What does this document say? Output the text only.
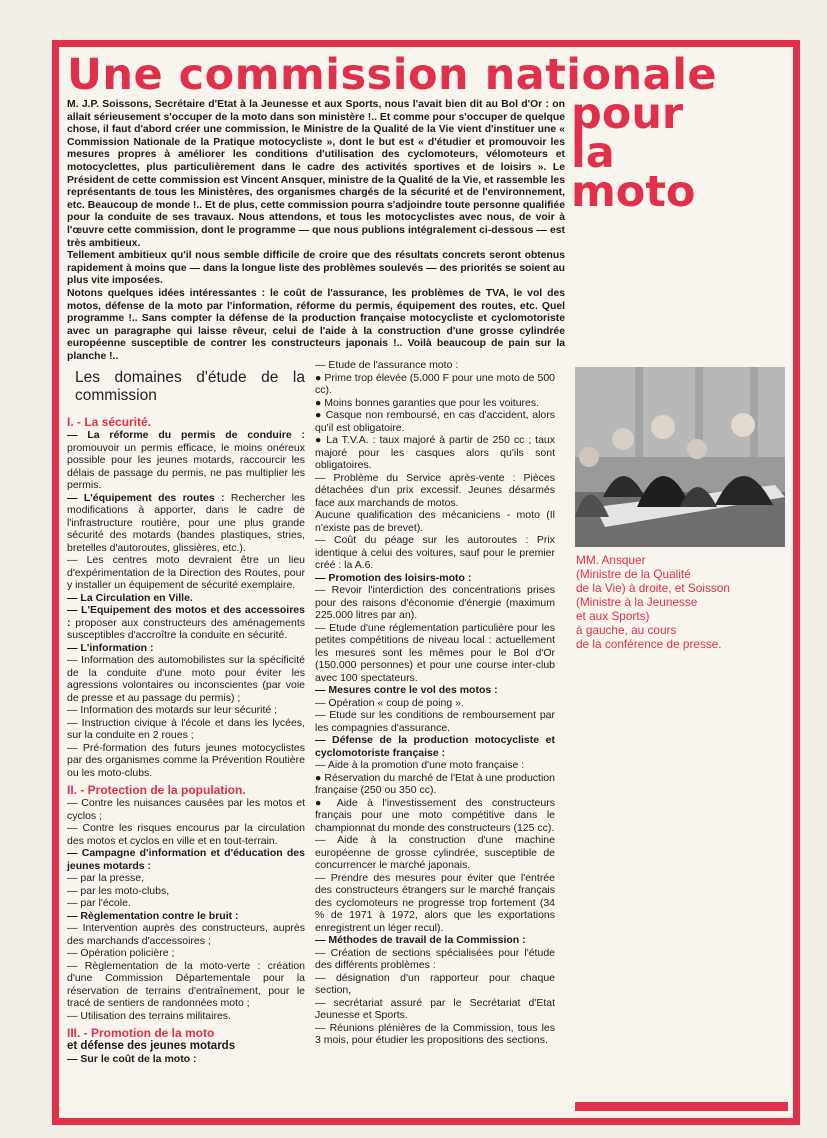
Une commission nationale
pour
la
moto

M. J.P. Soissons, Secrétaire d'Etat à la Jeunesse et aux Sports, nous l'avait bien dit au Bol d'Or : on allait sérieusement s'occuper de la moto dans son ministère !.. Et comme pour s'occuper de quelque chose, il faut d'abord créer une commission, le Ministre de la Qualité de la Vie vient d'instituer une « Commission Nationale de la Pratique motocycliste », dont le but est « d'étudier et promouvoir les mesures propres à améliorer les conditions d'utilisation des cyclomoteurs, vélomoteurs et motocyclettes, plus particulièrement dans le cadre des activités sportives et de loisirs ». Le Président de cette commission est Vincent Ansquer, ministre de la Qualité de la Vie, et rassemble les représentants de tous les Ministères, des organismes chargés de la sécurité et de l'environnement, etc. Beaucoup de monde !.. Et de plus, cette commission pourra s'adjoindre toute personne qualifiée pour la conduite de ses travaux. Nous attendons, et tous les motocyclistes avec nous, de voir à l'œuvre cette commission, dont le programme — que nous publions intégralement ci-dessous — est très ambitieux.

Tellement ambitieux qu'il nous semble difficile de croire que des résultats concrets seront obtenus rapidement à moins que — dans la longue liste des problèmes soulevés — des priorités se soient au plus vite imposées.

Notons quelques idées intéressantes : le coût de l'assurance, les problèmes de TVA, le vol des motos, défense de la moto par l'information, réforme du permis, équipement des routes, etc. Quel programme !.. Sans compter la défense de la production française motocycliste et cyclomotoriste avec un paragraphe qui laisse rêveur, celui de l'aide à la construction d'une grosse cylindrée européenne susceptible de contrer les constructeurs japonais !.. Voilà beaucoup de pain sur la planche !..

Les domaines d'étude de la commission
I. - La sécurité.
— La réforme du permis de conduire : promouvoir un permis efficace, le moins onéreux possible pour les jeunes motards, raccourcir les délais de passage du permis, ne pas multiplier les permis.
— L'équipement des routes : Rechercher les modifications à apporter, dans le cadre de l'infrastructure routière, pour une plus grande sécurité des motards (bandes plastiques, stries, bretelles d'autoroutes, glissières, etc.).
— Les centres moto devraient être un lieu d'expérimentation de la Direction des Routes, pour y installer un équipement de sécurité exemplaire.
— La Circulation en Ville.
— L'Equipement des motos et des accessoires : proposer aux constructeurs des aménagements susceptibles d'accroître la conduite en sécurité.
— L'information :
— Information des automobilistes sur la spécificité de la conduite d'une moto pour éviter les agressions volontaires ou inconscientes (par voie de presse et au passage du permis) ;
— Information des motards sur leur sécurité ;
— Instruction civique à l'école et dans les lycées, sur la conduite en 2 roues ;
— Pré-formation des futurs jeunes motocyclistes par des organismes comme la Prévention Routière ou les moto-clubs.
II. - Protection de la population.
— Contre les nuisances causées par les motos et cyclos ;
— Contre les risques encourus par la circulation des motos et cyclos en ville et en tout-terrain.
— Campagne d'information et d'éducation des jeunes motards :
— par la presse,
— par les moto-clubs,
— par l'école.
— Règlementation contre le bruit :
— Intervention auprès des constructeurs, auprès des marchands d'accessoires ;
— Opération policière ;
— Règlementation de la moto-verte : création d'une Commission Départementale pour la réservation de terrains d'entraînement, pour le tracé de sentiers de randonnées moto ;
— Utilisation des terrains militaires.
III. - Promotion de la moto
et défense des jeunes motards
— Sur le coût de la moto :
— Etude de l'assurance moto :
● Prime trop élevée (5.000 F pour une moto de 500 cc).
● Moins bonnes garanties que pour les voitures.
● Casque non remboursé, en cas d'accident, alors qu'il est obligatoire.
● La T.V.A. : taux majoré à partir de 250 cc ; taux majoré pour les casques alors qu'ils sont obligatoires.
— Problème du Service après-vente : Pièces détachées d'un prix excessif. Jeunes désarmés face aux marchands de motos.
Aucune qualification des mécaniciens - moto (Il n'existe pas de brevet).
— Coût du péage sur les autoroutes : Prix identique à celui des voitures, sauf pour le premier créé : la A.6.
— Promotion des loisirs-moto :
— Revoir l'interdiction des concentrations prises pour des raisons d'économie d'énergie (maximum 225.000 litres par an).
— Etude d'une réglementation particulière pour les petites compétitions de niveau local : actuellement les mesures sont les mêmes pour le Bol d'Or (150.000 personnes) et pour une course inter-club avec 100 spectateurs.
— Mesures contre le vol des motos :
— Opération « coup de poing ».
— Etude sur les conditions de remboursement par les compagnies d'assurance.
— Défense de la production motocycliste et cyclomotoriste française :
— Aide à la promotion d'une moto française :
● Réservation du marché de l'Etat à une production française (250 ou 350 cc).
● Aide à l'investissement des constructeurs français pour une moto compétitive dans le championnat du monde des constructeurs (125 cc).
— Aide à la construction d'une machine européenne de grosse cylindrée, susceptible de concurrencer le marché japonais.
— Prendre des mesures pour éviter que l'entrée des constructeurs étrangers sur le marché français des cyclomoteurs ne progresse trop fortement (34 % de 1971 à 1972, alors que les exportations enregistrent un léger recul).
— Méthodes de travail de la Commission :
— Création de sections spécialisées pour l'étude des différents problèmes :
— désignation d'un rapporteur pour chaque section,
— secrétariat assuré par le Secrétariat d'Etat Jeunesse et Sports.
— Réunions plénières de la Commission, tous les 3 mois, pour étudier les propositions des sections.
MM. Ansquer
(Ministre de la Qualité
de la Vie) à droite, et Soisson
(Ministre à la Jeunesse
et aux Sports)
à gauche, au cours
de la conférence de presse.
